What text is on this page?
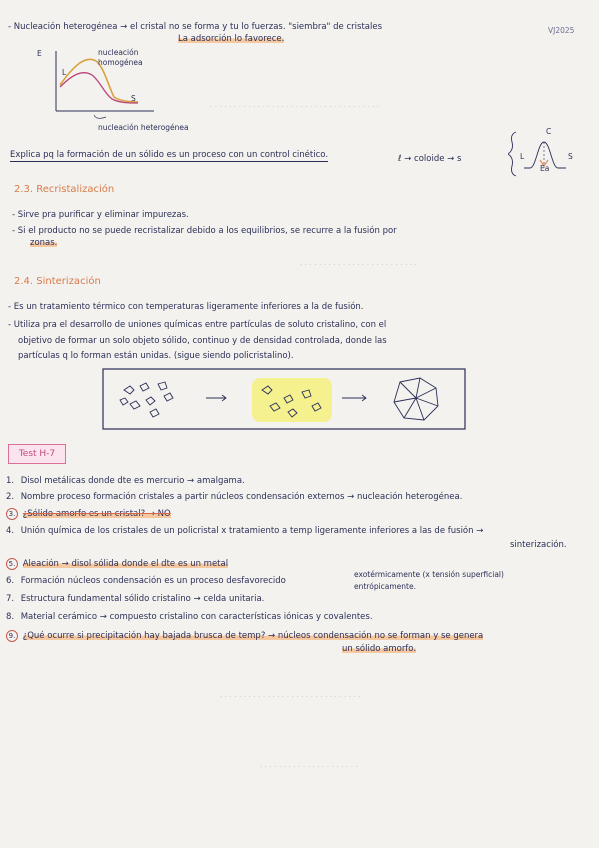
- Nucleación heterogénea → el cristal no se forma y tu lo fuerzas. "siembra" de cristales
La adsorción lo favorece.
VJ2025
E	nucleación homogénea
L
S
nucleación heterogénea
. . . . . . . . . . . . . . . . . . . . . . . . . . . . . . . . . . . .
Explica pq la formación de un sólido es un proceso con un control cinético.	ℓ → coloide → s
C
Ea
S
L
2.3. Recristalización
- Sirve pra purificar y eliminar impurezas.
- Si el producto no se puede recristalizar debido a los equilibrios, se recurre a la fusión por
zonas.
. . . . . . . . . . . . . . . . . . . . . . . . .
2.4. Sinterización
- Es un tratamiento térmico con temperaturas ligeramente inferiores a la de fusión.
- Utiliza pra el desarrollo de uniones químicas entre partículas de soluto cristalino, con el
objetivo de formar un solo objeto sólido, continuo y de densidad controlada, donde las
partículas q lo forman están unidas. (sigue siendo policristalino).
Test H-7
1. Disol metálicas donde dte es mercurio → amalgama.
2. Nombre proceso formación cristales a partir núcleos condensación externos → nucleación heterogénea.
3. ¿Sólido amorfo es un cristal? → NO
4. Unión química de los cristales de un policristal x tratamiento a temp ligeramente inferiores a las de fusión →
sinterización.
5. Aleación → disol sólida donde el dte es un metal
6. Formación núcleos condensación es un proceso desfavorecido
exotérmicamente (x tensión superficial)
entrópicamente.
7. Estructura fundamental sólido cristalino → celda unitaria.
8. Material cerámico → compuesto cristalino con características iónicas y covalentes.
9. ¿Qué ocurre si precipitación hay bajada brusca de temp? → núcleos condensación no se forman y se genera
un sólido amorfo.
. . . . . . . . . . . . . . . . . . . . . . . . . . . . . .
. . . . . . . . . . . . . . . . . . . . .
